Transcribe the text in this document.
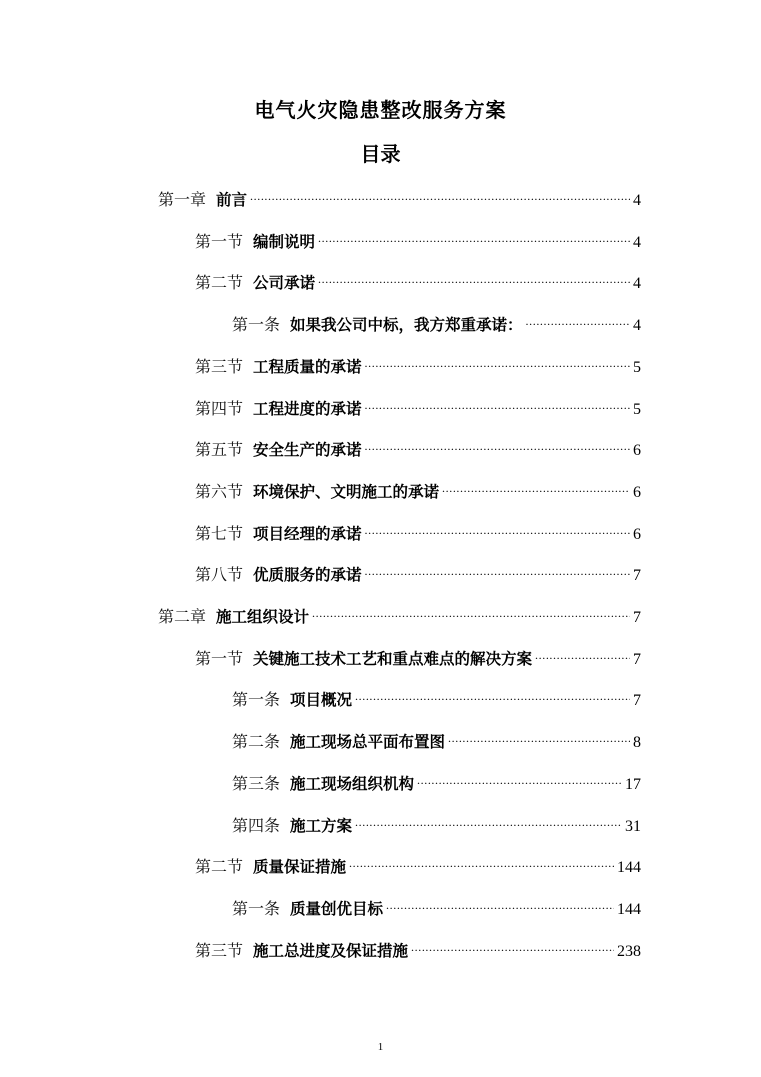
电气火灾隐患整改服务方案
目录
第一章 前言 .....	4
第一节 编制说明 .....	4
第二节 公司承诺 .....	4
第一条 如果我公司中标，我方郑重承诺： .....	4
第三节 工程质量的承诺 .....	5
第四节 工程进度的承诺 .....	5
第五节 安全生产的承诺 .....	6
第六节 环境保护、文明施工的承诺 .....	6
第七节 项目经理的承诺 .....	6
第八节 优质服务的承诺 .....	7
第二章 施工组织设计 .....	7
第一节 关键施工技术工艺和重点难点的解决方案 .....	7
第一条 项目概况 .....	7
第二条 施工现场总平面布置图 .....	8
第三条 施工现场组织机构 .....	17
第四条 施工方案 .....	31
第二节 质量保证措施 .....	144
第一条 质量创优目标 .....	144
第三节 施工总进度及保证措施 .....	238
1
